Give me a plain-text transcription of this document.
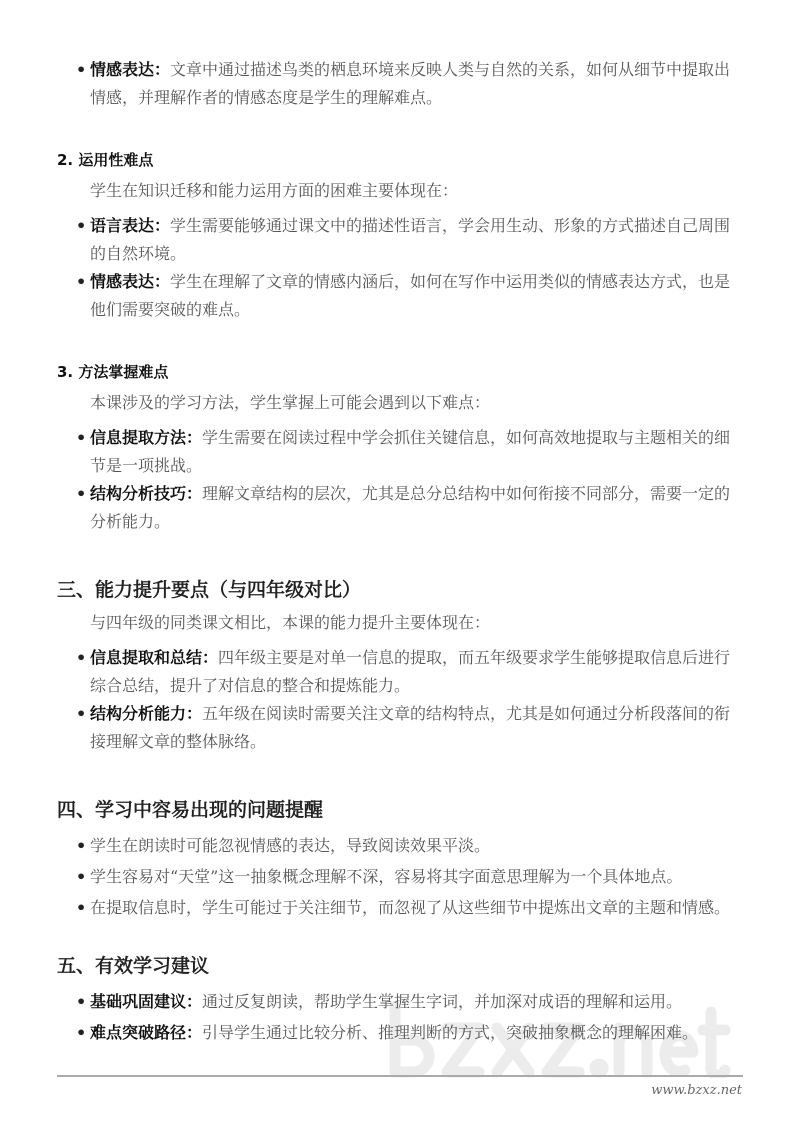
• 情感表达：文章中通过描述鸟类的栖息环境来反映人类与自然的关系，如何从细节中提取出情感，并理解作者的情感态度是学生的理解难点。
2. 运用性难点
学生在知识迁移和能力运用方面的困难主要体现在：
• 语言表达：学生需要能够通过课文中的描述性语言，学会用生动、形象的方式描述自己周围的自然环境。
• 情感表达：学生在理解了文章的情感内涵后，如何在写作中运用类似的情感表达方式，也是他们需要突破的难点。
3. 方法掌握难点
本课涉及的学习方法，学生掌握上可能会遇到以下难点：
• 信息提取方法：学生需要在阅读过程中学会抓住关键信息，如何高效地提取与主题相关的细节是一项挑战。
• 结构分析技巧：理解文章结构的层次，尤其是总分总结构中如何衔接不同部分，需要一定的分析能力。
三、能力提升要点（与四年级对比）
与四年级的同类课文相比，本课的能力提升主要体现在：
• 信息提取和总结：四年级主要是对单一信息的提取，而五年级要求学生能够提取信息后进行综合总结，提升了对信息的整合和提炼能力。
• 结构分析能力：五年级在阅读时需要关注文章的结构特点，尤其是如何通过分析段落间的衔接理解文章的整体脉络。
四、学习中容易出现的问题提醒
• 学生在朗读时可能忽视情感的表达，导致阅读效果平淡。
• 学生容易对“天堂”这一抽象概念理解不深，容易将其字面意思理解为一个具体地点。
• 在提取信息时，学生可能过于关注细节，而忽视了从这些细节中提炼出文章的主题和情感。
五、有效学习建议
• 基础巩固建议：通过反复朗读，帮助学生掌握生字词，并加深对成语的理解和运用。
• 难点突破路径：引导学生通过比较分析、推理判断的方式，突破抽象概念的理解困难。
www.bzxz.net
